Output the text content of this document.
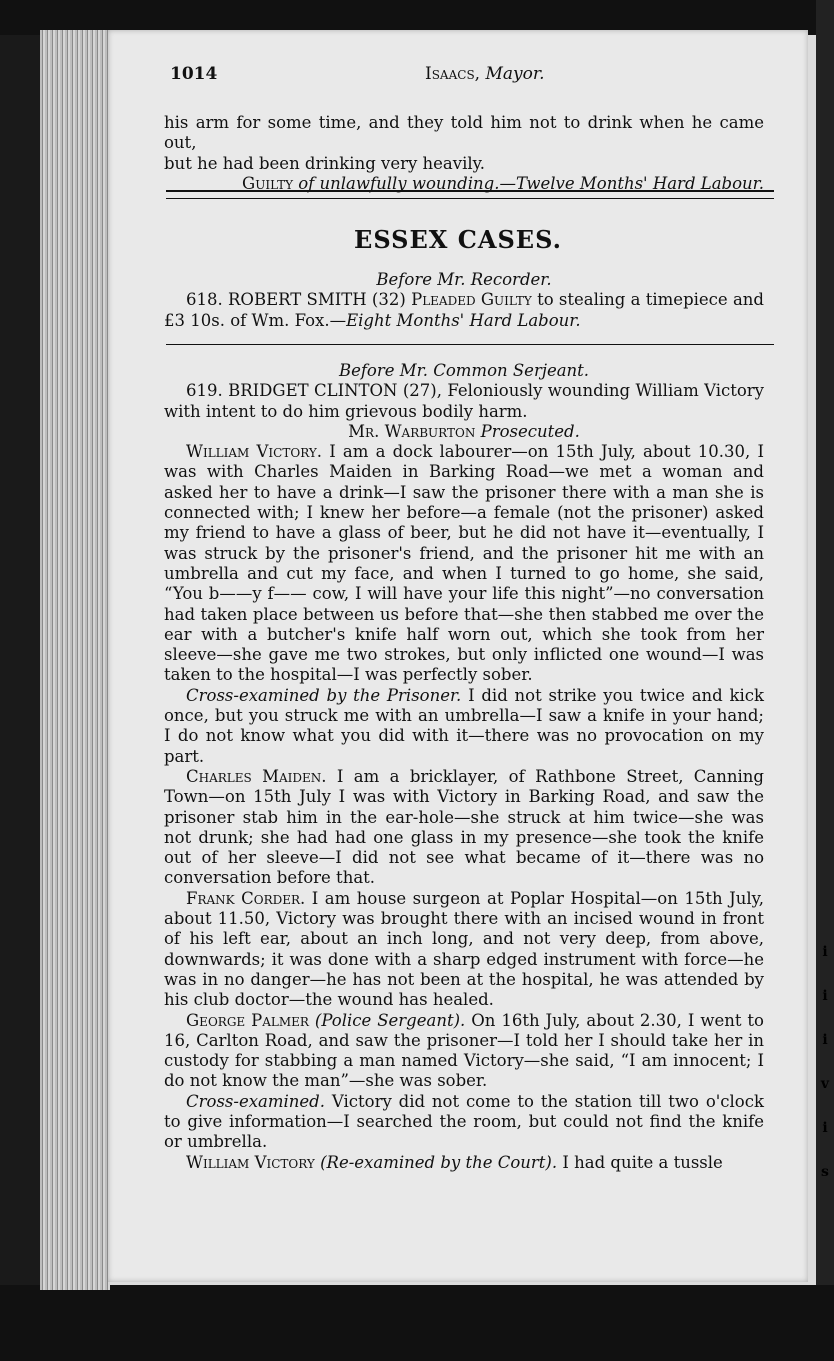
i
i
i
v
i
s
1014	Isaacs, Mayor.

his arm for some time, and they told him not to drink when he came out,

but he had been drinking very heavily.

Guilty of unlawfully wounding.—Twelve Months' Hard Labour.

ESSEX CASES.

Before Mr. Recorder.

618. ROBERT SMITH (32) Pleaded Guilty to stealing a timepiece and £3 10s. of Wm. Fox.—Eight Months' Hard Labour.

Before Mr. Common Serjeant.

619. BRIDGET CLINTON (27), Feloniously wounding William Victory with intent to do him grievous bodily harm.

Mr. Warburton Prosecuted.

William Victory. I am a dock labourer—on 15th July, about 10.30, I was with Charles Maiden in Barking Road—we met a woman and asked her to have a drink—I saw the prisoner there with a man she is connected with; I knew her before—a female (not the prisoner) asked my friend to have a glass of beer, but he did not have it—eventually, I was struck by the prisoner's friend, and the prisoner hit me with an umbrella and cut my face, and when I turned to go home, she said, “You b——y f—— cow, I will have your life this night”—no conversation had taken place between us before that—she then stabbed me over the ear with a butcher's knife half worn out, which she took from her sleeve—she gave me two strokes, but only inflicted one wound—I was taken to the hospital—I was perfectly sober.

Cross-examined by the Prisoner. I did not strike you twice and kick once, but you struck me with an umbrella—I saw a knife in your hand; I do not know what you did with it—there was no provocation on my part.

Charles Maiden. I am a bricklayer, of Rathbone Street, Canning Town—on 15th July I was with Victory in Barking Road, and saw the prisoner stab him in the ear-hole—she struck at him twice—she was not drunk; she had had one glass in my presence—she took the knife out of her sleeve—I did not see what became of it—there was no conversation before that.

Frank Corder. I am house surgeon at Poplar Hospital—on 15th July, about 11.50, Victory was brought there with an incised wound in front of his left ear, about an inch long, and not very deep, from above, downwards; it was done with a sharp edged instrument with force—he was in no danger—he has not been at the hospital, he was attended by his club doctor—the wound has healed.

George Palmer (Police Sergeant). On 16th July, about 2.30, I went to 16, Carlton Road, and saw the prisoner—I told her I should take her in custody for stabbing a man named Victory—she said, “I am innocent; I do not know the man”—she was sober.

Cross-examined. Victory did not come to the station till two o'clock to give information—I searched the room, but could not find the knife or umbrella.

William Victory (Re-examined by the Court). I had quite a tussle
